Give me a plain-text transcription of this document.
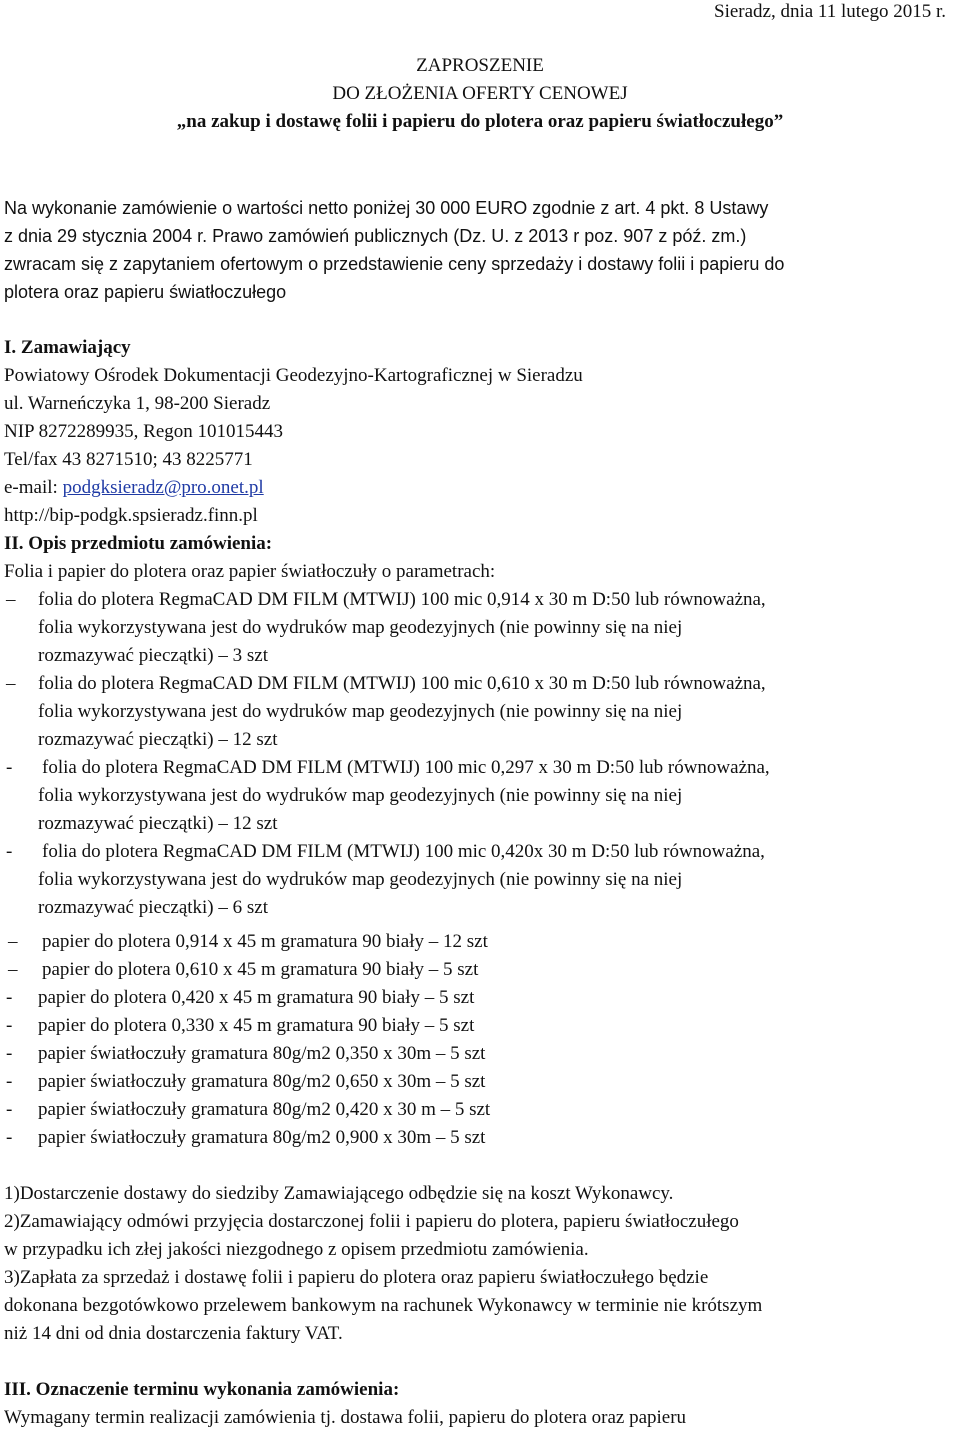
Sieradz, dnia 11 lutego 2015 r.
ZAPROSZENIE
DO ZŁOŻENIA OFERTY CENOWEJ
„na zakup i dostawę folii i papieru do plotera oraz papieru światłoczułego”
Na wykonanie zamówienie o wartości netto poniżej 30 000 EURO zgodnie z art. 4 pkt. 8 Ustawy
z dnia 29 stycznia 2004 r. Prawo zamówień publicznych (Dz. U. z 2013 r poz. 907 z póź. zm.)
zwracam się z zapytaniem ofertowym o przedstawienie ceny sprzedaży i dostawy folii i papieru do
plotera oraz papieru światłoczułego
I. Zamawiający
Powiatowy Ośrodek Dokumentacji Geodezyjno-Kartograficznej w Sieradzu
ul. Warneńczyka 1, 98-200 Sieradz
NIP 8272289935, Regon 101015443
Tel/fax 43 8271510; 43 8225771
e-mail: podgksieradz@pro.onet.pl
http://bip-podgk.spsieradz.finn.pl
II. Opis przedmiotu zamówienia:
Folia i papier do plotera oraz papier światłoczuły o parametrach:
– folia do plotera RegmaCAD DM FILM (MTWIJ) 100 mic 0,914 x 30 m D:50 lub równoważna,
folia wykorzystywana jest do wydruków map geodezyjnych (nie powinny się na niej
rozmazywać pieczątki) – 3 szt
– folia do plotera RegmaCAD DM FILM (MTWIJ) 100 mic 0,610 x 30 m D:50 lub równoważna,
folia wykorzystywana jest do wydruków map geodezyjnych (nie powinny się na niej
rozmazywać pieczątki) – 12 szt
- folia do plotera RegmaCAD DM FILM (MTWIJ) 100 mic 0,297 x 30 m D:50 lub równoważna,
folia wykorzystywana jest do wydruków map geodezyjnych (nie powinny się na niej
rozmazywać pieczątki) – 12 szt
- folia do plotera RegmaCAD DM FILM (MTWIJ) 100 mic 0,420x 30 m D:50 lub równoważna,
folia wykorzystywana jest do wydruków map geodezyjnych (nie powinny się na niej
rozmazywać pieczątki) – 6 szt
– papier do plotera 0,914 x 45 m gramatura 90 biały – 12 szt
– papier do plotera 0,610 x 45 m gramatura 90 biały – 5 szt
- papier do plotera 0,420 x 45 m gramatura 90 biały – 5 szt
- papier do plotera 0,330 x 45 m gramatura 90 biały – 5 szt
- papier światłoczuły gramatura 80g/m2 0,350 x 30m – 5 szt
- papier światłoczuły gramatura 80g/m2 0,650 x 30m – 5 szt
- papier światłoczuły gramatura 80g/m2 0,420 x 30 m – 5 szt
- papier światłoczuły gramatura 80g/m2 0,900 x 30m – 5 szt
1)Dostarczenie dostawy do siedziby Zamawiającego odbędzie się na koszt Wykonawcy.
2)Zamawiający odmówi przyjęcia dostarczonej folii i papieru do plotera, papieru światłoczułego
w przypadku ich złej jakości niezgodnego z opisem przedmiotu zamówienia.
3)Zapłata za sprzedaż i dostawę folii i papieru do plotera oraz papieru światłoczułego będzie
dokonana bezgotówkowo przelewem bankowym na rachunek Wykonawcy w terminie nie krótszym
niż 14 dni od dnia dostarczenia faktury VAT.
III. Oznaczenie terminu wykonania zamówienia:
Wymagany termin realizacji zamówienia tj. dostawa folii, papieru do plotera oraz papieru
